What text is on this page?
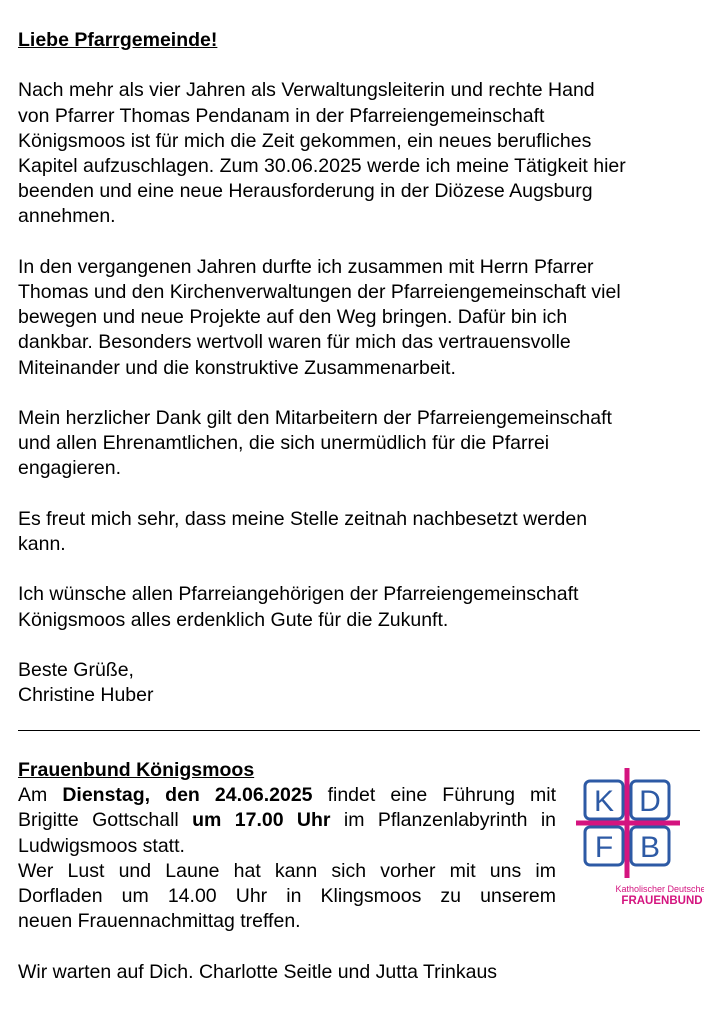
Liebe Pfarrgemeinde!
Nach mehr als vier Jahren als Verwaltungsleiterin und rechte Hand
von Pfarrer Thomas Pendanam in der Pfarreiengemeinschaft
Königsmoos ist für mich die Zeit gekommen, ein neues berufliches
Kapitel aufzuschlagen. Zum 30.06.2025 werde ich meine Tätigkeit hier
beenden und eine neue Herausforderung in der Diözese Augsburg
annehmen.
In den vergangenen Jahren durfte ich zusammen mit Herrn Pfarrer
Thomas und den Kirchenverwaltungen der Pfarreiengemeinschaft viel
bewegen und neue Projekte auf den Weg bringen. Dafür bin ich
dankbar. Besonders wertvoll waren für mich das vertrauensvolle
Miteinander und die konstruktive Zusammenarbeit.
Mein herzlicher Dank gilt den Mitarbeitern der Pfarreiengemeinschaft
und allen Ehrenamtlichen, die sich unermüdlich für die Pfarrei
engagieren.
Es freut mich sehr, dass meine Stelle zeitnah nachbesetzt werden
kann.
Ich wünsche allen Pfarreiangehörigen der Pfarreiengemeinschaft
Königsmoos alles erdenklich Gute für die Zukunft.
Beste Grüße,
Christine Huber
Frauenbund Königsmoos
Am Dienstag, den 24.06.2025 findet eine Führung mit
Brigitte Gottschall um 17.00 Uhr im Pflanzenlabyrinth in
Ludwigsmoos statt.
Wer Lust und Laune hat kann sich vorher mit uns im
Dorfladen um 14.00 Uhr in Klingsmoos zu unserem
neuen Frauennachmittag treffen.
Wir warten auf Dich. Charlotte Seitle und Jutta Trinkaus
K D
F B
Katholischer Deutscher
FRAUENBUND
